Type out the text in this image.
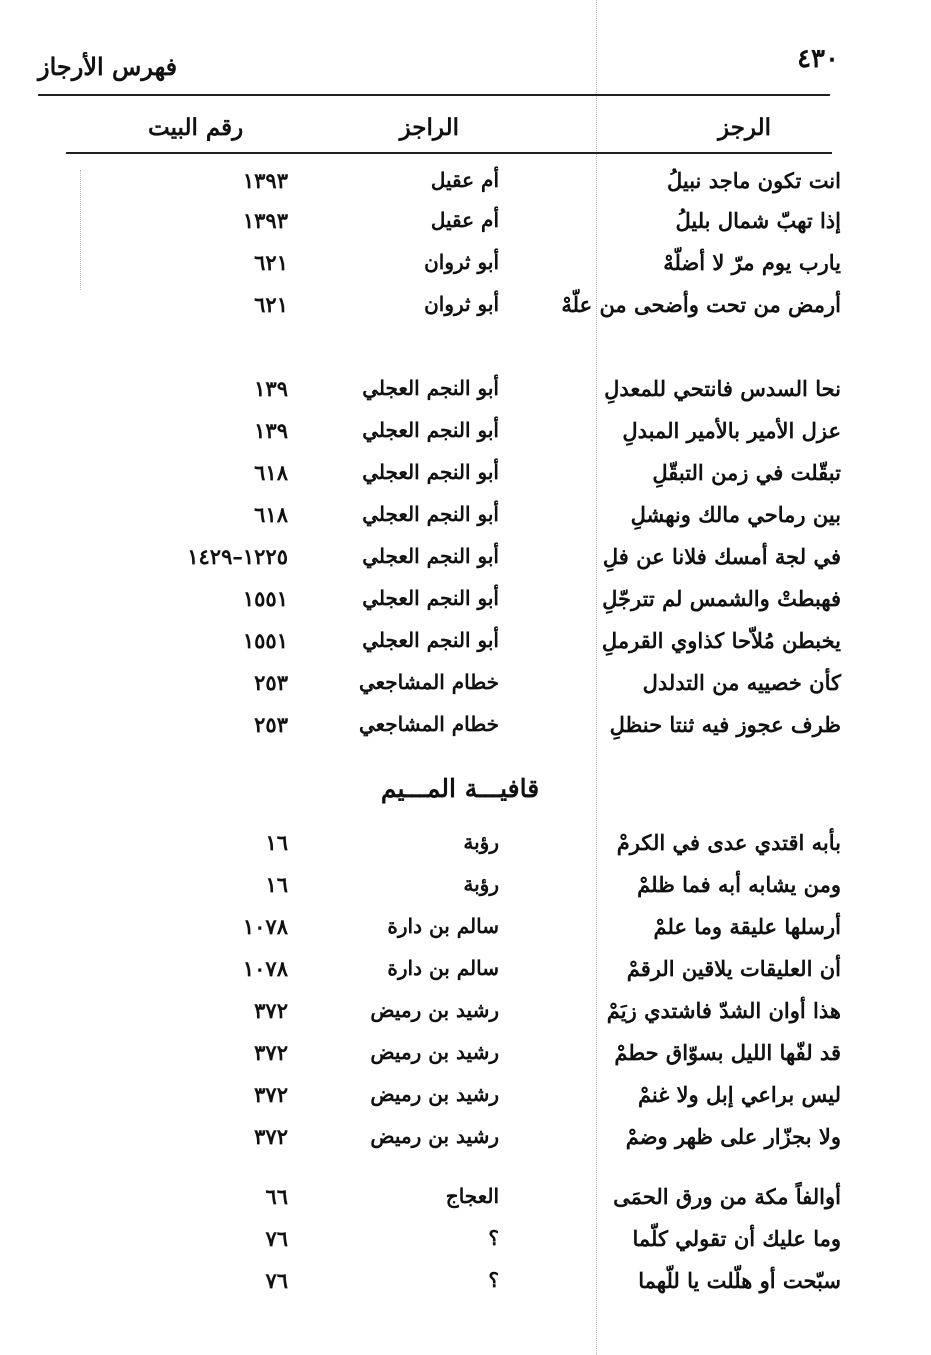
فهرس الأرجاز	٤٣٠
الرجز
الراجز
رقم البيت
انت تكون ماجد نبيلُ
أم عقيل
١٣٩٣
إذا تهبّ شمال بليلُ
أم عقيل
١٣٩٣
يارب يوم مرّ لا أضلّهْ
أبو ثروان
٦٢١
أرمض من تحت وأضحى من علّهْ
أبو ثروان
٦٢١
نحا السدس فانتحي للمعدلِ
أبو النجم العجلي
١٣٩
عزل الأمير بالأمير المبدلِ
أبو النجم العجلي
١٣٩
تبقّلت في زمن التبقّلِ
أبو النجم العجلي
٦١٨
بين رماحي مالك ونهشلِ
أبو النجم العجلي
٦١٨
في لجة أمسك فلانا عن فلِ
أبو النجم العجلي
١٢٢٥–١٤٢٩
فهبطتْ والشمس لم تترجّلِ
أبو النجم العجلي
١٥٥١
يخبطن مُلاّحا كذاوي القرملِ
أبو النجم العجلي
١٥٥١
كأن خصييه من التدلدل
خطام المشاجعي
٢٥٣
ظرف عجوز فيه ثنتا حنظلِ
خطام المشاجعي
٢٥٣
بأبه اقتدي عدى في الكرمْ
رؤبة
١٦
ومن يشابه أبه فما ظلمْ
رؤبة
١٦
أرسلها عليقة وما علمْ
سالم بن دارة
١٠٧٨
أن العليقات يلاقين الرقمْ
سالم بن دارة
١٠٧٨
هذا أوان الشدّ فاشتدي زيَمْ
رشيد بن رميض
٣٧٢
قد لفّها الليل بسوّاق حطمْ
رشيد بن رميض
٣٧٢
ليس براعي إبل ولا غنمْ
رشيد بن رميض
٣٧٢
ولا بجزّار على ظهر وضمْ
رشيد بن رميض
٣٧٢
أوالفاً مكة من ورق الحمَى
العجاج
٦٦
وما عليك أن تقولي كلّما
؟
٧٦
سبّحت أو هلّلت يا للّهما
؟
٧٦
قافيـــة المـــيم
